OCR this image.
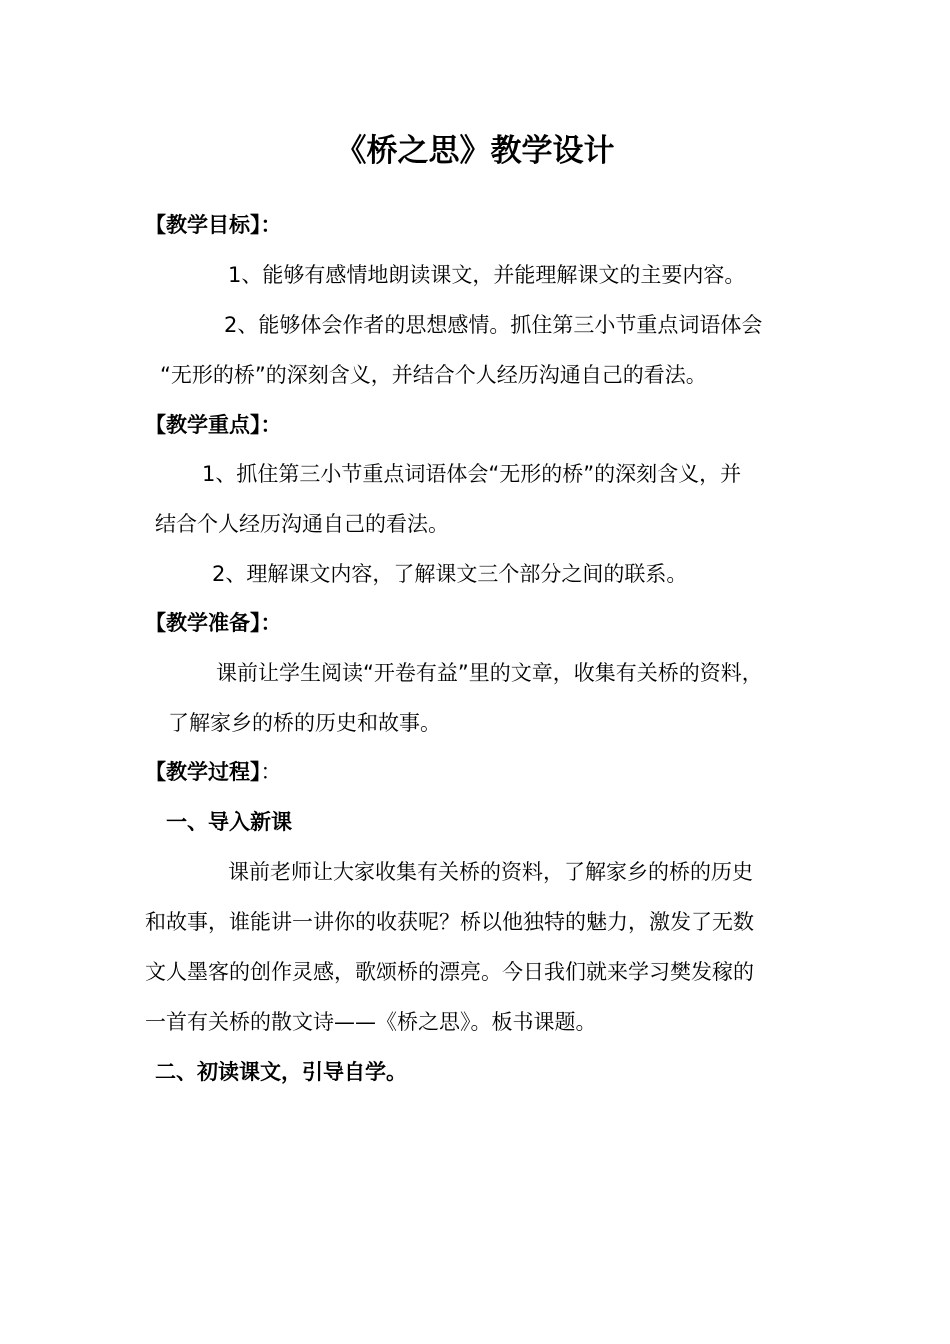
《桥之思》教学设计
【教学目标】：
1、能够有感情地朗读课文，并能理解课文的主要内容。
2、能够体会作者的思想感情。抓住第三小节重点词语体会
“无形的桥”的深刻含义，并结合个人经历沟通自己的看法。
【教学重点】：
1、抓住第三小节重点词语体会“无形的桥”的深刻含义，并
结合个人经历沟通自己的看法。
2、理解课文内容，了解课文三个部分之间的联系。
【教学准备】：
课前让学生阅读“开卷有益”里的文章，收集有关桥的资料，
了解家乡的桥的历史和故事。
【教学过程】：
一、导入新课
课前老师让大家收集有关桥的资料，了解家乡的桥的历史
和故事，谁能讲一讲你的收获呢？桥以他独特的魅力，激发了无数
文人墨客的创作灵感，歌颂桥的漂亮。今日我们就来学习樊发稼的
一首有关桥的散文诗——《桥之思》。板书课题。
二、初读课文，引导自学。
